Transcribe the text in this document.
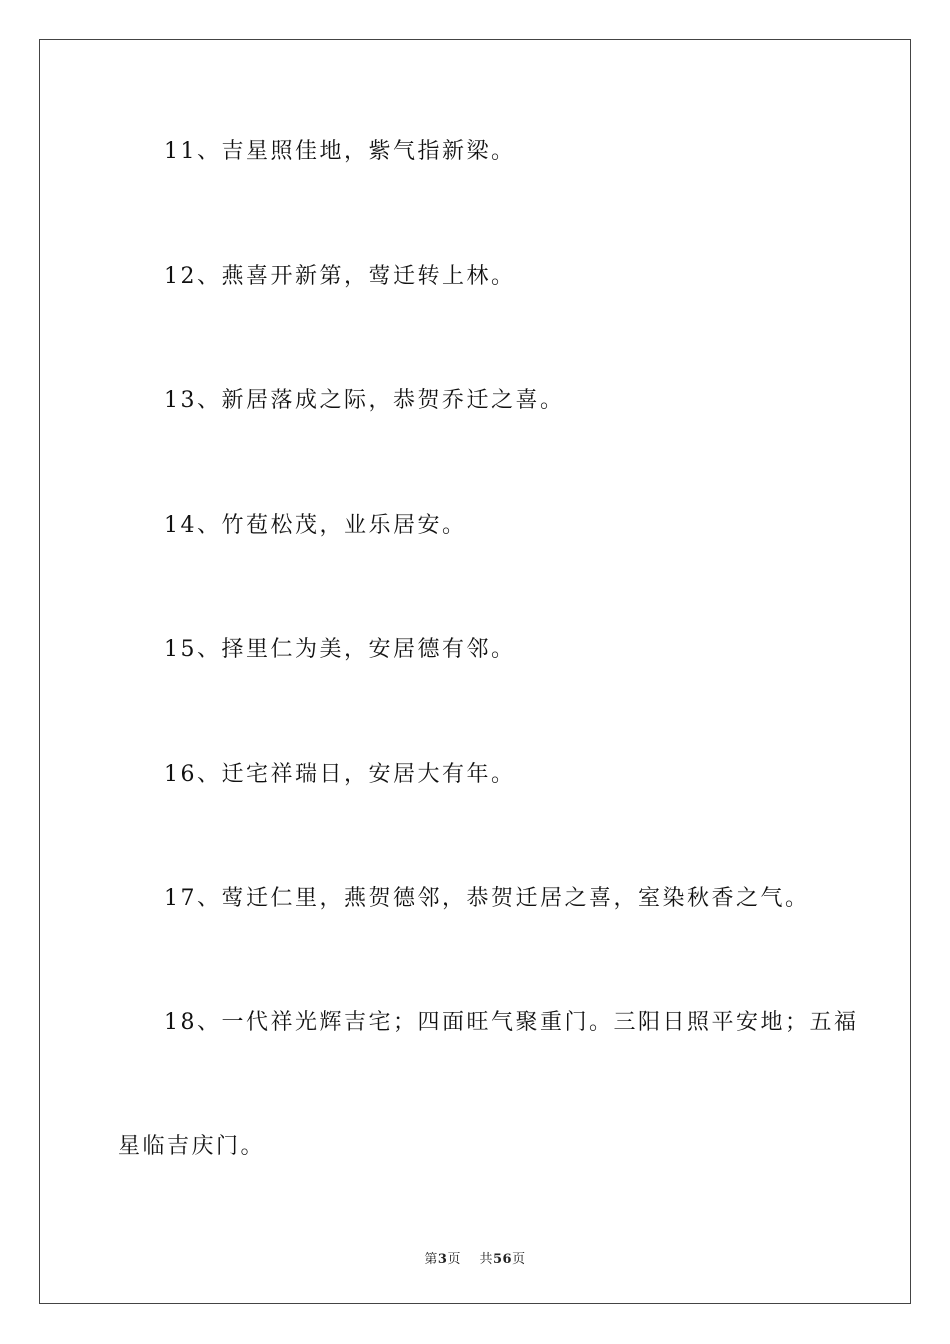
11、吉星照佳地，紫气指新梁。
12、燕喜开新第，莺迁转上林。
13、新居落成之际，恭贺乔迁之喜。
14、竹苞松茂，业乐居安。
15、择里仁为美，安居德有邻。
16、迁宅祥瑞日，安居大有年。
17、莺迁仁里，燕贺德邻，恭贺迁居之喜，室染秋香之气。
18、一代祥光辉吉宅；四面旺气聚重门。三阳日照平安地；五福
星临吉庆门。
第3页 共56页
